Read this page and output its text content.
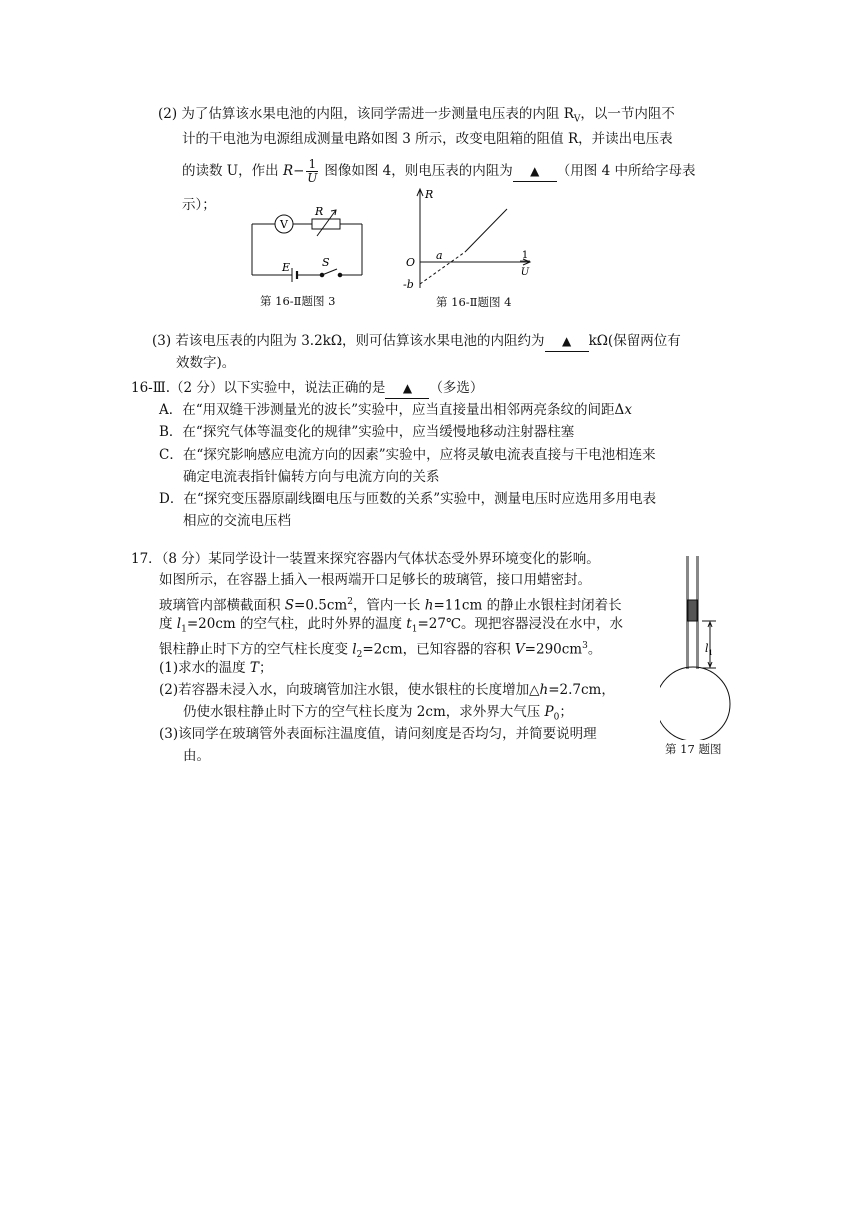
(2) 为了估算该水果电池的内阻，该同学需进一步测量电压表的内阻 $R_V$，以一节内阻不
计的干电池为电源组成测量电路如图 3 所示，改变电阻箱的阻值 R，并读出电压表
的读数 U，作出 $R- \frac{1}{U}$ 图像如图 4，则电压表的内阻为 ▲ （用图 4 中所给字母表
示）；
V
R
E	S
第 16-Ⅱ题图 3
R
O
a
-b
1
U
第 16-Ⅱ题图 4
(3) 若该电压表的内阻为 3.2kΩ，则可估算该水果电池的内阻约为 ▲ kΩ(保留两位有
效数字)。
16-Ⅲ.（2 分）以下实验中，说法正确的是 ▲ （多选）
A．在“用双缝干涉测量光的波长”实验中，应当直接量出相邻两亮条纹的间距Δx
B．在“探究气体等温变化的规律”实验中，应当缓慢地移动注射器柱塞
C．在“探究影响感应电流方向的因素”实验中，应将灵敏电流表直接与干电池相连来
确定电流表指针偏转方向与电流方向的关系
D．在“探究变压器原副线圈电压与匝数的关系”实验中，测量电压时应选用多用电表
相应的交流电压档
17．（8 分）某同学设计一装置来探究容器内气体状态受外界环境变化的影响。
如图所示，在容器上插入一根两端开口足够长的玻璃管，接口用蜡密封。
玻璃管内部横截面积 $S=0.5cm^2$，管内一长 h=11cm 的静止水银柱封闭着长
度 $l_1=20cm$ 的空气柱，此时外界的温度 $t_1=27℃$。现把容器浸没在水中，水
银柱静止时下方的空气柱长度变 $l_2=2cm$，已知容器的容积 $V=290cm^3$。
(1)求水的温度 T；
(2)若容器未浸入水，向玻璃管加注水银，使水银柱的长度增加△h=2.7cm，
仍使水银柱静止时下方的空气柱长度为 2cm，求外界大气压 $P_0$；
(3)该同学在玻璃管外表面标注温度值，请问刻度是否均匀，并简要说明理
由。
$l_1$
第 17 题图
